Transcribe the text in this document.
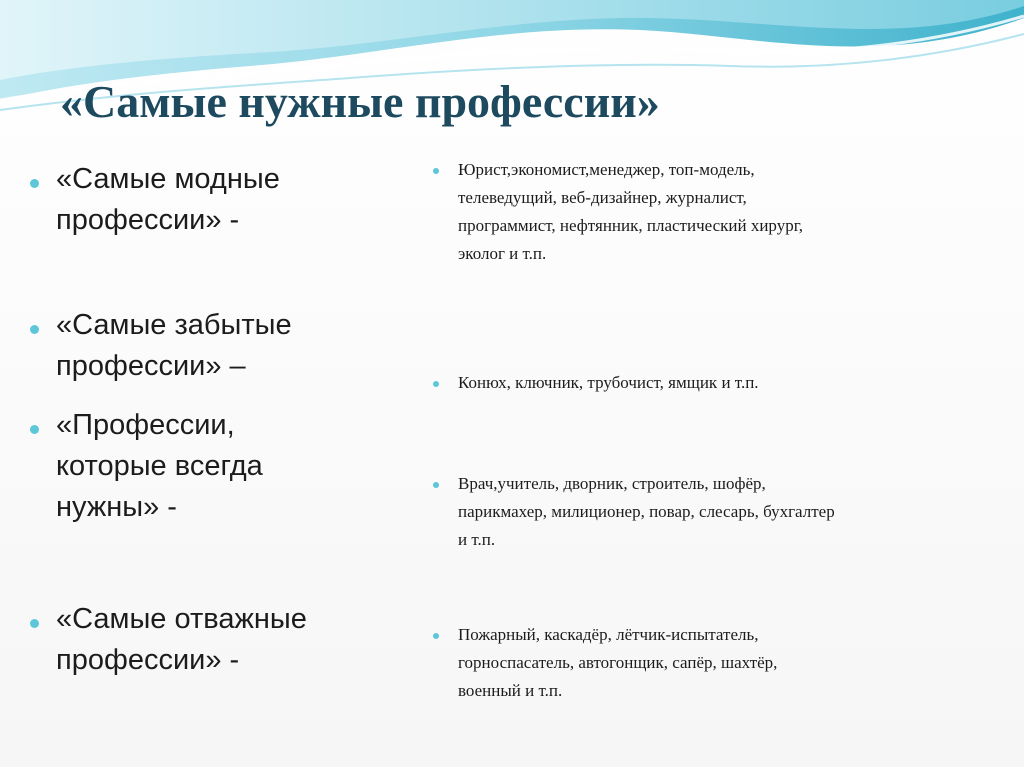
«Самые нужные профессии»
«Самые модные
профессии» -
«Самые забытые
профессии» –
«Профессии,
которые всегда
нужны» -
«Самые отважные
профессии» -
Юрист,экономист,менеджер, топ-модель,
телеведущий, веб-дизайнер, журналист,
программист, нефтянник, пластический хирург,
эколог и т.п.
Конюх, ключник, трубочист, ямщик и т.п.
Врач,учитель, дворник, строитель, шофёр,
парикмахер, милиционер, повар, слесарь, бухгалтер
и т.п.
Пожарный, каскадёр, лётчик-испытатель,
горноспасатель, автогонщик, сапёр, шахтёр,
военный и т.п.
